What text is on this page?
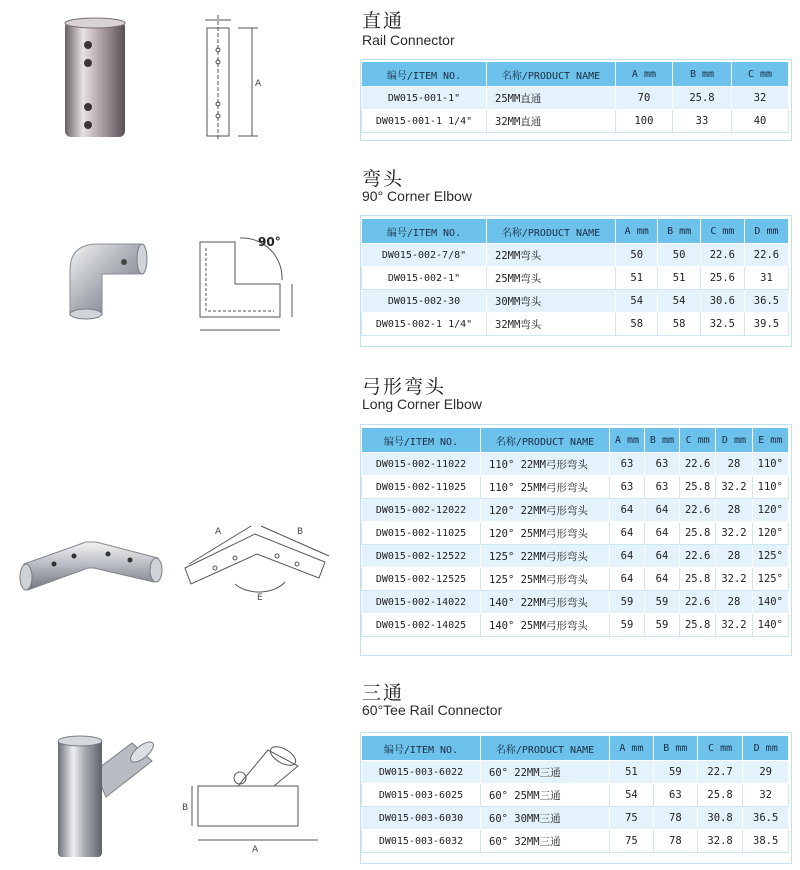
A
直通
Rail Connector
编号/ITEM NO.	名称/PRODUCT NAME	A mm	B mm	C mm
DW015-001-1"	25MM直通	70	25.8	32
DW015-001-1 1/4"	32MM直通	100	33	40
90°
弯头
90° Corner Elbow
编号/ITEM NO.	名称/PRODUCT NAME	A mm	B mm	C mm	D mm
DW015-002-7/8"	22MM弯头	50	50	22.6	22.6
DW015-002-1"	25MM弯头	51	51	25.6	31
DW015-002-30	30MM弯头	54	54	30.6	36.5
DW015-002-1 1/4"	32MM弯头	58	58	32.5	39.5
A	B
E
弓形弯头
Long Corner Elbow
编号/ITEM NO.	名称/PRODUCT NAME	A mm	B mm	C mm	D mm	E mm
DW015-002-11022	110° 22MM弓形弯头	63	63	22.6	28	110°
DW015-002-11025	110° 25MM弓形弯头	63	63	25.8	32.2	110°
DW015-002-12022	120° 22MM弓形弯头	64	64	22.6	28	120°
DW015-002-11025	120° 25MM弓形弯头	64	64	25.8	32.2	120°
DW015-002-12522	125° 22MM弓形弯头	64	64	22.6	28	125°
DW015-002-12525	125° 25MM弓形弯头	64	64	25.8	32.2	125°
DW015-002-14022	140° 22MM弓形弯头	59	59	22.6	28	140°
DW015-002-14025	140° 25MM弓形弯头	59	59	25.8	32.2	140°
B
A
三通
60°Tee Rail Connector
编号/ITEM NO.	名称/PRODUCT NAME	A mm	B mm	C mm	D mm
DW015-003-6022	60° 22MM三通	51	59	22.7	29
DW015-003-6025	60° 25MM三通	54	63	25.8	32
DW015-003-6030	60° 30MM三通	75	78	30.8	36.5
DW015-003-6032	60° 32MM三通	75	78	32.8	38.5
